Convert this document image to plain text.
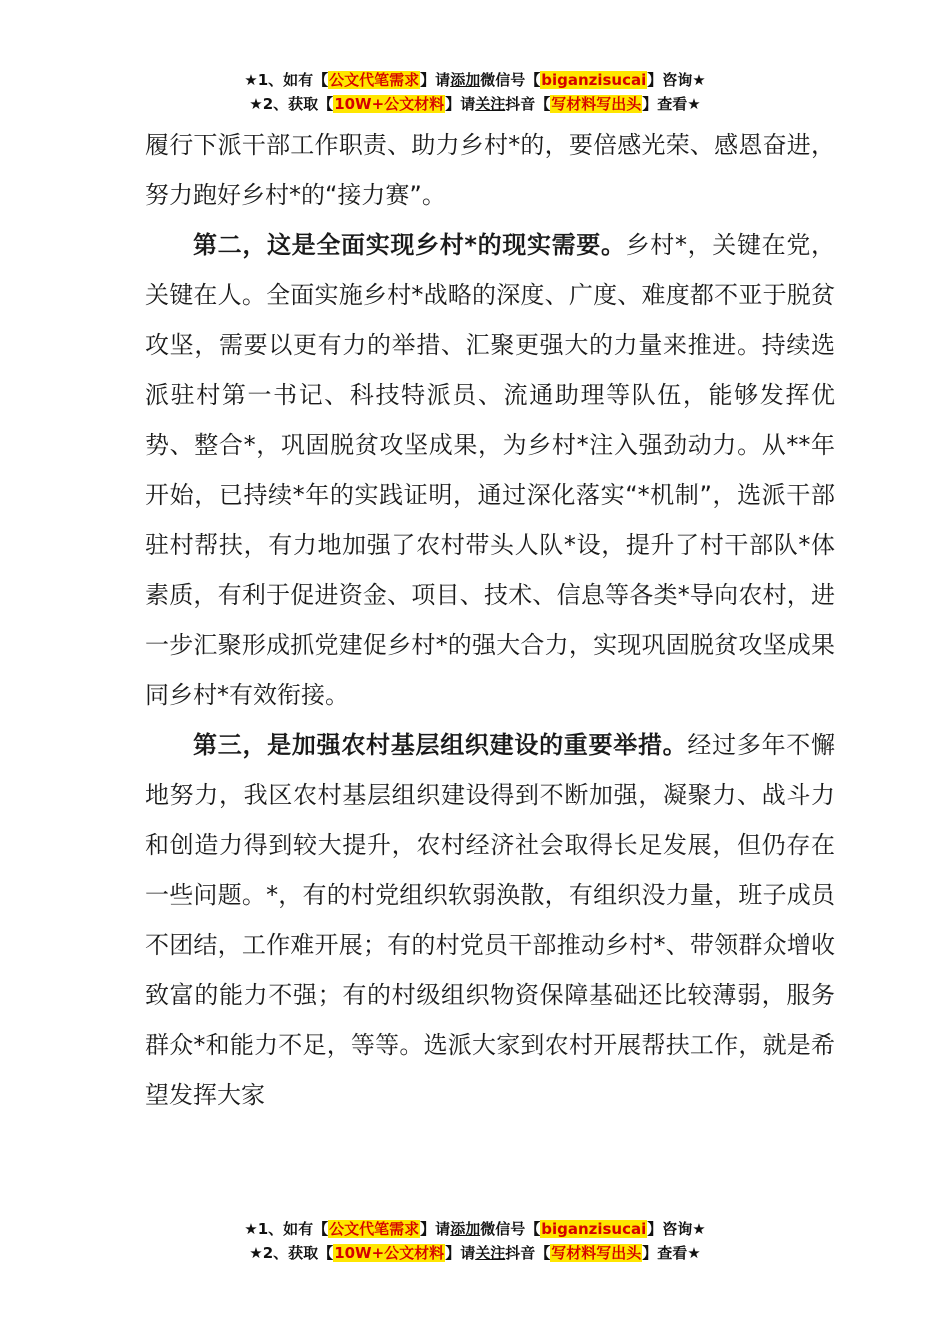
★1、如有【公文代笔需求】请添加微信号【biganzisucai】咨询★
★2、获取【10W+公文材料】请关注抖音【写材料写出头】查看★

履行下派干部工作职责、助力乡村*的，要倍感光荣、感恩奋进，努力跑好乡村*的“接力赛”。

第二，这是全面实现乡村*的现实需要。乡村*，关键在党，关键在人。全面实施乡村*战略的深度、广度、难度都不亚于脱贫攻坚，需要以更有力的举措、汇聚更强大的力量来推进。持续选派驻村第一书记、科技特派员、流通助理等队伍，能够发挥优势、整合*，巩固脱贫攻坚成果，为乡村*注入强劲动力。从**年开始，已持续*年的实践证明，通过深化落实“*机制”，选派干部驻村帮扶，有力地加强了农村带头人队*设，提升了村干部队*体素质，有利于促进资金、项目、技术、信息等各类*导向农村，进一步汇聚形成抓党建促乡村*的强大合力，实现巩固脱贫攻坚成果同乡村*有效衔接。

第三，是加强农村基层组织建设的重要举措。经过多年不懈地努力，我区农村基层组织建设得到不断加强，凝聚力、战斗力和创造力得到较大提升，农村经济社会取得长足发展，但仍存在一些问题。*，有的村党组织软弱涣散，有组织没力量，班子成员不团结，工作难开展；有的村党员干部推动乡村*、带领群众增收致富的能力不强；有的村级组织物资保障基础还比较薄弱，服务群众*和能力不足，等等。选派大家到农村开展帮扶工作，就是希望发挥大家

★1、如有【公文代笔需求】请添加微信号【biganzisucai】咨询★
★2、获取【10W+公文材料】请关注抖音【写材料写出头】查看★
